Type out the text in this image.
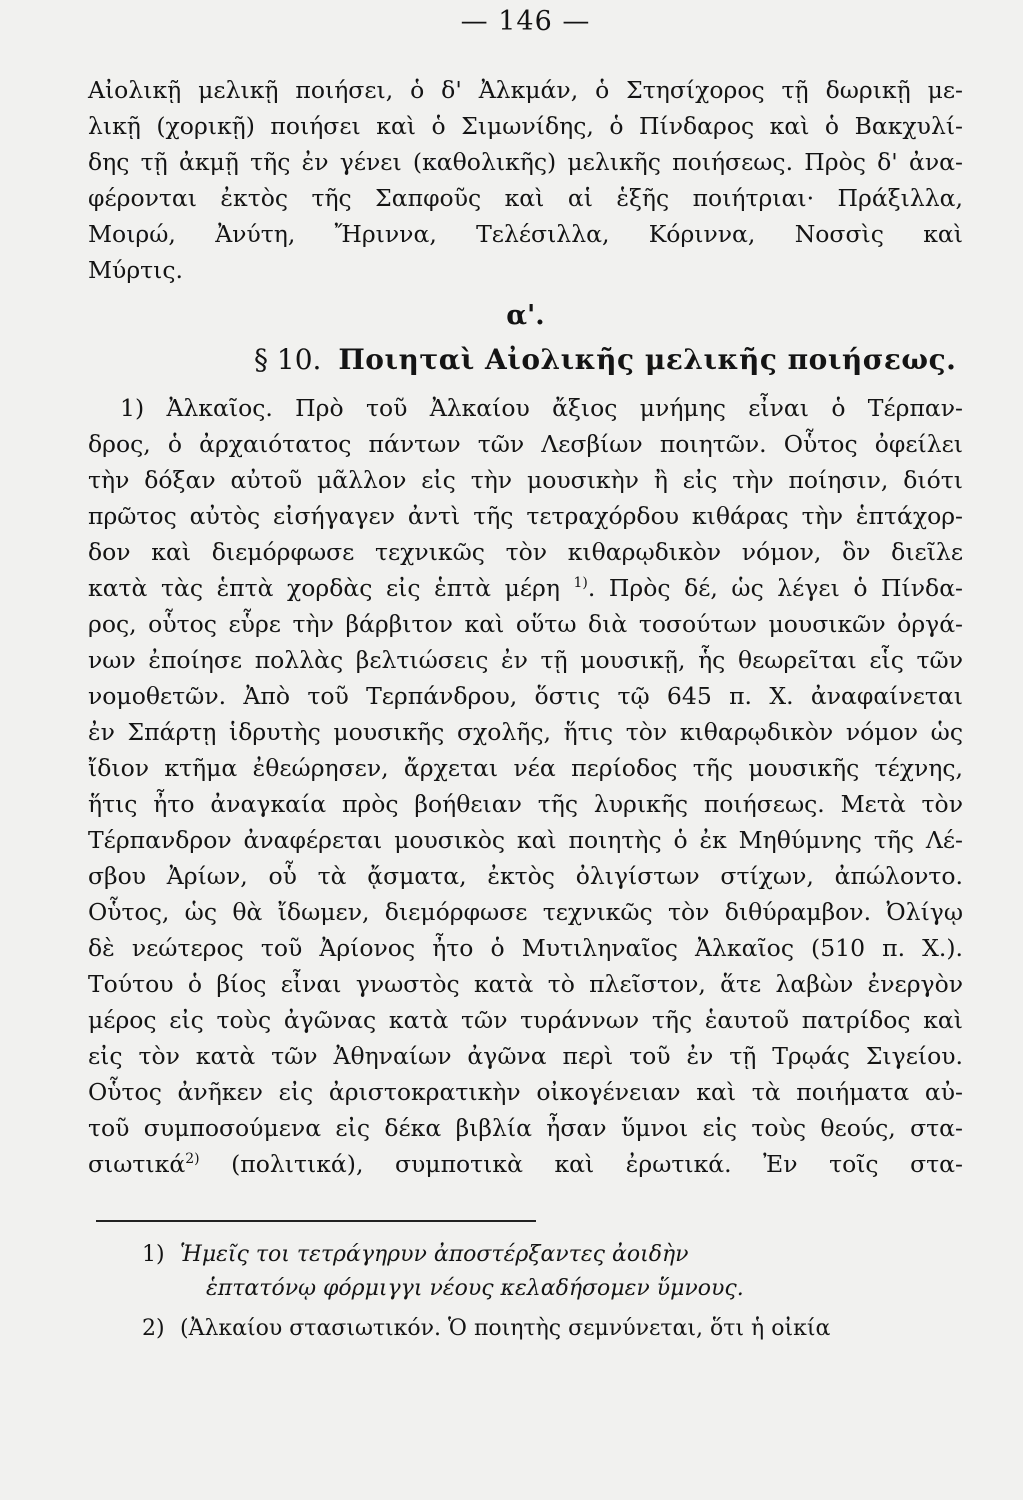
— 146 —
Αἰολικῇ μελικῇ ποιήσει, ὁ δ' Ἀλκμάν, ὁ Στησίχορος τῇ δωρικῇ με-
λικῇ (χορικῇ) ποιήσει καὶ ὁ Σιμωνίδης, ὁ Πίνδαρος καὶ ὁ Βακχυλί-
δης τῇ ἀκμῇ τῆς ἐν γένει (καθολικῆς) μελικῆς ποιήσεως. Πρὸς δ' ἀνα-
φέρονται ἐκτὸς τῆς Σαπφοῦς καὶ αἱ ἑξῆς ποιήτριαι· Πράξιλλα,
Μοιρώ, Ἀνύτη, Ἤριννα, Τελέσιλλα, Κόριννα, Νοσσὶς καὶ
Μύρτις.
α'.
§ 10. Ποιηταὶ Αἰολικῆς μελικῆς ποιήσεως.
1) Ἀλκαῖος. Πρὸ τοῦ Ἀλκαίου ἄξιος μνήμης εἶναι ὁ Τέρπαν-
δρος, ὁ ἀρχαιότατος πάντων τῶν Λεσβίων ποιητῶν. Οὗτος ὀφείλει
τὴν δόξαν αὐτοῦ μᾶλλον εἰς τὴν μουσικὴν ἢ εἰς τὴν ποίησιν, διότι
πρῶτος αὐτὸς εἰσήγαγεν ἀντὶ τῆς τετραχόρδου κιθάρας τὴν ἑπτάχορ-
δον καὶ διεμόρφωσε τεχνικῶς τὸν κιθαρῳδικὸν νόμον, ὃν διεῖλε
κατὰ τὰς ἑπτὰ χορδὰς εἰς ἑπτὰ μέρη $^{1)}$. Πρὸς δέ, ὡς λέγει ὁ Πίνδα-
ρος, οὗτος εὗρε τὴν βάρβιτον καὶ οὕτω διὰ τοσούτων μουσικῶν ὀργά-
νων ἐποίησε πολλὰς βελτιώσεις ἐν τῇ μουσικῇ, ἧς θεωρεῖται εἷς τῶν
νομοθετῶν. Ἀπὸ τοῦ Τερπάνδρου, ὅστις τῷ 645 π. Χ. ἀναφαίνεται
ἐν Σπάρτῃ ἱδρυτὴς μουσικῆς σχολῆς, ἥτις τὸν κιθαρῳδικὸν νόμον ὡς
ἴδιον κτῆμα ἐθεώρησεν, ἄρχεται νέα περίοδος τῆς μουσικῆς τέχνης,
ἥτις ἦτο ἀναγκαία πρὸς βοήθειαν τῆς λυρικῆς ποιήσεως. Μετὰ τὸν
Τέρπανδρον ἀναφέρεται μουσικὸς καὶ ποιητὴς ὁ ἐκ Μηθύμνης τῆς Λέ-
σβου Ἀρίων, οὗ τὰ ᾄσματα, ἐκτὸς ὀλιγίστων στίχων, ἀπώλοντο.
Οὗτος, ὡς θὰ ἴδωμεν, διεμόρφωσε τεχνικῶς τὸν διθύραμβον. Ὀλίγῳ
δὲ νεώτερος τοῦ Ἀρίονος ἦτο ὁ Μυτιληναῖος Ἀλκαῖος (510 π. Χ.).
Τούτου ὁ βίος εἶναι γνωστὸς κατὰ τὸ πλεῖστον, ἅτε λαβὼν ἐνεργὸν
μέρος εἰς τοὺς ἀγῶνας κατὰ τῶν τυράννων τῆς ἑαυτοῦ πατρίδος καὶ
εἰς τὸν κατὰ τῶν Ἀθηναίων ἀγῶνα περὶ τοῦ ἐν τῇ Τρῳάς Σιγείου.
Οὗτος ἀνῆκεν εἰς ἀριστοκρατικὴν οἰκογένειαν καὶ τὰ ποιήματα αὐ-
τοῦ συμποσούμενα εἰς δέκα βιβλία ἦσαν ὕμνοι εἰς τοὺς θεούς, στα-
σιωτικά$^{2)}$ (πολιτικά), συμποτικὰ καὶ ἐρωτικά. Ἐν τοῖς στα-
1) Ἡμεῖς τοι τετράγηρυν ἀποστέρξαντες ἀοιδὴν
ἑπτατόνῳ φόρμιγγι νέους κελαδήσομεν ὕμνους.
2) (Ἀλκαίου στασιωτικόν. Ὁ ποιητὴς σεμνύνεται, ὅτι ἡ οἰκία
